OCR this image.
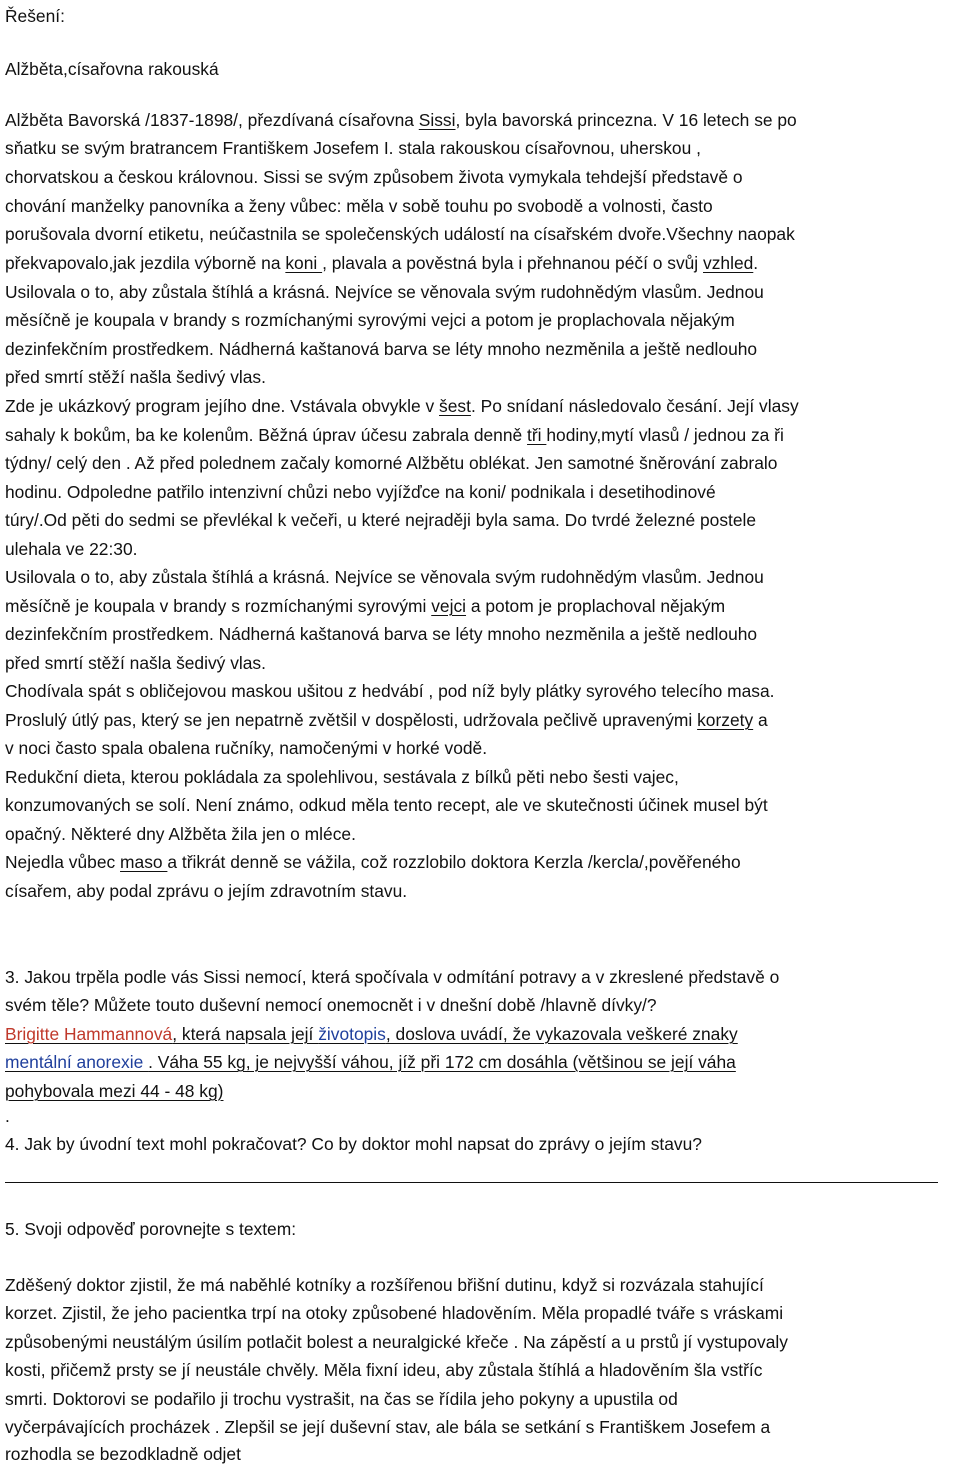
Řešení:
Alžběta,císařovna rakouská
Alžběta Bavorská /1837-1898/, přezdívaná císařovna Sissi, byla bavorská princezna. V 16 letech se po
sňatku se svým bratrancem Františkem Josefem I. stala rakouskou císařovnou, uherskou ,
chorvatskou a českou královnou. Sissi se svým způsobem života vymykala tehdejší představě o
chování manželky panovníka a ženy vůbec: měla v sobě touhu po svobodě a volnosti, často
porušovala dvorní etiketu, neúčastnila se společenských událostí na císařském dvoře.Všechny naopak
překvapovalo,jak jezdila výborně na koni , plavala a pověstná byla i přehnanou péčí o svůj vzhled.
Usilovala o to, aby zůstala štíhlá a krásná. Nejvíce se věnovala svým rudohnědým vlasům. Jednou
měsíčně je koupala v brandy s rozmíchanými syrovými vejci a potom je proplachovala nějakým
dezinfekčním prostředkem. Nádherná kaštanová barva se léty mnoho nezměnila a ještě nedlouho
před smrtí stěží našla šedivý vlas.
Zde je ukázkový program jejího dne. Vstávala obvykle v šest. Po snídaní následovalo česání. Její vlasy
sahaly k bokům, ba ke kolenům. Běžná úprav účesu zabrala denně tři hodiny,mytí vlasů / jednou za ři
týdny/ celý den . Až před polednem začaly komorné Alžbětu oblékat. Jen samotné šněrování zabralo
hodinu. Odpoledne patřilo intenzivní chůzi nebo vyjížďce na koni/ podnikala i desetihodinové
túry/.Od pěti do sedmi se převlékal k večeři, u které nejraději byla sama. Do tvrdé železné postele
ulehala ve 22:30.
Usilovala o to, aby zůstala štíhlá a krásná. Nejvíce se věnovala svým rudohnědým vlasům. Jednou
měsíčně je koupala v brandy s rozmíchanými syrovými vejci a potom je proplachoval nějakým
dezinfekčním prostředkem. Nádherná kaštanová barva se léty mnoho nezměnila a ještě nedlouho
před smrtí stěží našla šedivý vlas.
Chodívala spát s obličejovou maskou ušitou z hedvábí , pod níž byly plátky syrového telecího masa.
Proslulý útlý pas, který se jen nepatrně zvětšil v dospělosti, udržovala pečlivě upravenými korzety a
v noci často spala obalena ručníky, namočenými v horké vodě.
Redukční dieta, kterou pokládala za spolehlivou, sestávala z bílků pěti nebo šesti vajec,
konzumovaných se solí. Není známo, odkud měla tento recept, ale ve skutečnosti účinek musel být
opačný. Některé dny Alžběta žila jen o mléce.
Nejedla vůbec maso a třikrát denně se vážila, což rozzlobilo doktora Kerzla /kercla/,pověřeného
císařem, aby podal zprávu o jejím zdravotním stavu.
3. Jakou trpěla podle vás Sissi nemocí, která spočívala v odmítání potravy a v zkreslené představě o
svém těle? Můžete touto duševní nemocí onemocnět i v dnešní době /hlavně dívky/?
Brigitte Hammannová, která napsala její životopis, doslova uvádí, že vykazovala veškeré znaky
mentální anorexie . Váha 55 kg, je nejvyšší váhou, jíž při 172 cm dosáhla (většinou se její váha
pohybovala mezi 44 - 48 kg)
.
4. Jak by úvodní text mohl pokračovat? Co by doktor mohl napsat do zprávy o jejím stavu?
5. Svoji odpověď porovnejte s textem:
Zděšený doktor zjistil, že má naběhlé kotníky a rozšířenou břišní dutinu, když si rozvázala stahující
korzet. Zjistil, že jeho pacientka trpí na otoky způsobené hladověním. Měla propadlé tváře s vráskami
způsobenými neustálým úsilím potlačit bolest a neuralgické křeče . Na zápěstí a u prstů jí vystupovaly
kosti, přičemž prsty se jí neustále chvěly. Měla fixní ideu, aby zůstala štíhlá a hladověním šla vstříc
smrti. Doktorovi se podařilo ji trochu vystrašit, na čas se řídila jeho pokyny a upustila od
vyčerpávajících procházek . Zlepšil se její duševní stav, ale bála se setkání s Františkem Josefem a
rozhodla se bezodkladně odjet
